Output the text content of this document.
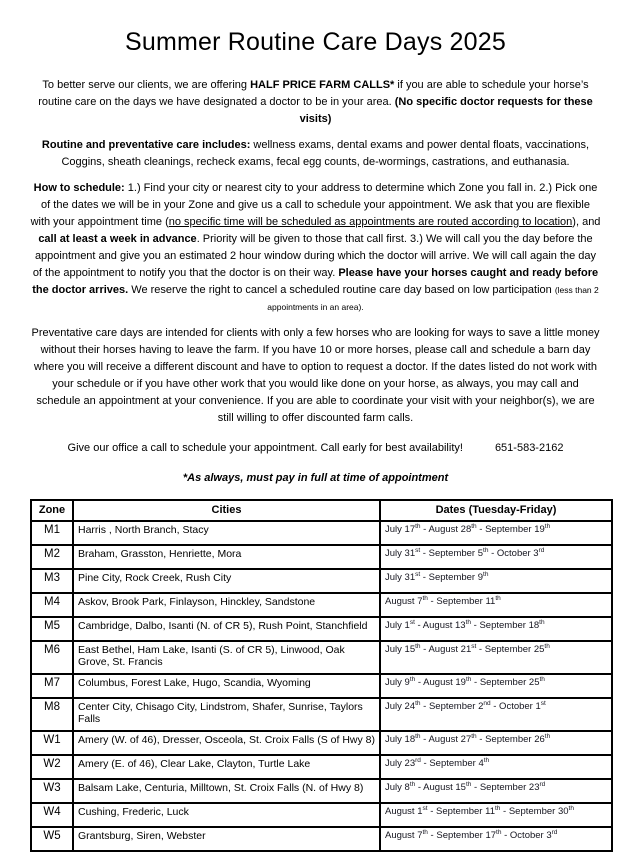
Summer Routine Care Days 2025

To better serve our clients, we are offering HALF PRICE FARM CALLS* if you are able to schedule your horse’s routine care on the days we have designated a doctor to be in your area. (No specific doctor requests for these visits)

Routine and preventative care includes: wellness exams, dental exams and power dental floats, vaccinations, Coggins, sheath cleanings, recheck exams, fecal egg counts, de-wormings, castrations, and euthanasia.

How to schedule: 1.) Find your city or nearest city to your address to determine which Zone you fall in. 2.) Pick one of the dates we will be in your Zone and give us a call to schedule your appointment. We ask that you are flexible with your appointment time (no specific time will be scheduled as appointments are routed according to location), and call at least a week in advance. Priority will be given to those that call first. 3.) We will call you the day before the appointment and give you an estimated 2 hour window during which the doctor will arrive. We will call again the day of the appointment to notify you that the doctor is on their way. Please have your horses caught and ready before the doctor arrives. We reserve the right to cancel a scheduled routine care day based on low participation (less than 2 appointments in an area).

Preventative care days are intended for clients with only a few horses who are looking for ways to save a little money without their horses having to leave the farm. If you have 10 or more horses, please call and schedule a barn day where you will receive a different discount and have to option to request a doctor. If the dates listed do not work with your schedule or if you have other work that you would like done on your horse, as always, you may call and schedule an appointment at your convenience. If you are able to coordinate your visit with your neighbor(s), we are still willing to offer discounted farm calls.

Give our office a call to schedule your appointment. Call early for best availability!	651-583-2162
*As always, must pay in full at time of appointment
Zone	Cities	Dates (Tuesday-Friday)
M1	Harris , North Branch, Stacy	July 17th - August 28th - September 19th
M2	Braham, Grasston, Henriette, Mora	July 31st - September 5th - October 3rd
M3	Pine City, Rock Creek, Rush City	July 31st - September 9th
M4	Askov, Brook Park, Finlayson, Hinckley, Sandstone	August 7th - September 11th
M5	Cambridge, Dalbo, Isanti (N. of CR 5), Rush Point, Stanchfield	July 1st - August 13th - September 18th
M6	East Bethel, Ham Lake, Isanti (S. of CR 5), Linwood, Oak Grove, St. Francis	July 15th - August 21st - September 25th
M7	Columbus, Forest Lake, Hugo, Scandia, Wyoming	July 9th - August 19th - September 25th
M8	Center City, Chisago City, Lindstrom, Shafer, Sunrise, Taylors Falls	July 24th - September 2nd - October 1st
W1	Amery (W. of 46), Dresser, Osceola, St. Croix Falls (S of Hwy 8)	July 18th - August 27th - September 26th
W2	Amery (E. of 46), Clear Lake, Clayton, Turtle Lake	July 23rd - September 4th
W3	Balsam Lake, Centuria, Milltown, St. Croix Falls (N. of Hwy 8)	July 8th - August 15th - September 23rd
W4	Cushing, Frederic, Luck	August 1st - September 11th - September 30th
W5	Grantsburg, Siren, Webster	August 7th - September 17th - October 3rd
